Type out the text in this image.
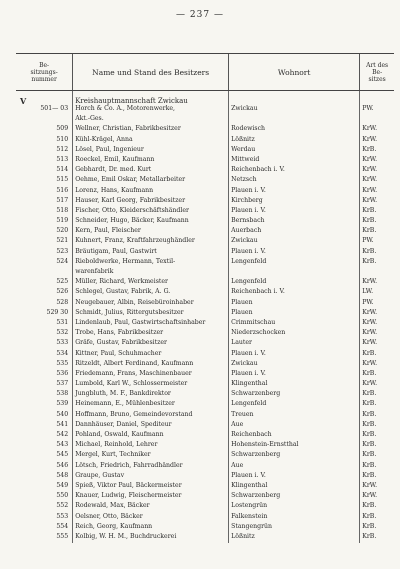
— 237 —
Be-
sitzungs-
nummer	Name und Stand des Besitzers	Wohnort	Art des
Be-
sitzes
V	Kreishauptmannschaft Zwickau		
501— 03	Horch & Co. A., Motorenwerke,	Zwickau	PW.
	Akt.-Ges.		
509	Wellner, Christian, Fabrikbesitzer	Rodewisch	KrW.
510	Kühl-Krägel, Anna	Lößnitz	KrW.
512	Lösel, Paul, Ingenieur	Werdau	KrB.
513	Roeckel, Emil, Kaufmann	Mittweid	KrW.
514	Gebhardt, Dr. med. Kurt	Reichenbach i. V.	KrW.
515	Oehme, Emil Oskar, Metallarbeiter	Netzsch	KrW.
516	Lorenz, Hans, Kaufmann	Plauen i. V.	KrW.
517	Hauser, Karl Georg, Fabrikbesitzer	Kirchberg	KrW.
518	Fischer, Otto, Kleiderschäftshändler	Plauen i. V.	KrB.
519	Schneider, Hugo, Bäcker, Kaufmann	Bernsbach	KrB.
520	Kern, Paul, Fleischer	Auerbach	KrB.
521	Kuhnert, Franz, Kraftfahrzeughändler	Zwickau	PW.
523	Bräutigam, Paul, Gastwirt	Plauen i. V.	KrB.
524	Rieboldwerke, Hermann, Textil-	Lengenfeld	KrB.
	warenfabrik		
525	Müller, Richard, Werkmeister	Lengenfeld	KrW.
526	Schlegel, Gustav, Fabrik, A. G.	Reichenbach i. V.	LW.
528	Neugebauer, Albin, Reisebüroinhaber	Plauen	PW.
529 30	Schmidt, Julius, Rittergutsbesitzer	Plauen	KrW.
531	Lindenlaub, Paul, Gastwirtschaftsinhaber	Crimmitschau	KrW.
532	Trobe, Hans, Fabrikbesitzer	Niederzschocken	KrW.
533	Gräfe, Gustav, Fabrikbesitzer	Lauter	KrW.
534	Kittner, Paul, Schuhmacher	Plauen i. V.	KrB.
535	Ritzeldt, Albert Ferdinand, Kaufmann	Zwickau	KrW.
536	Friedemann, Frans, Maschinenbauer	Plauen i. V.	KrB.
537	Lumbold, Karl W., Schlossermeister	Klingenthal	KrW.
538	Jungbluth, M. F., Bankdirektor	Schwarzenberg	KrB.
539	Heinemann, E., Mühlenbesitzer	Lengenfeld	KrB.
540	Hoffmann, Bruno, Gemeindevorstand	Treuen	KrB.
541	Dannhäuser, Daniel, Spediteur	Aue	KrB.
542	Pohland, Oswald, Kaufmann	Reichenbach	KrB.
543	Michael, Reinhold, Lehrer	Hohenstein-Ernstthal	KrB.
545	Mergel, Kurt, Techniker	Schwarzenberg	KrB.
546	Lötsch, Friedrich, Fahrradhändler	Aue	KrB.
548	Graupe, Gustav	Plauen i. V.	KrB.
549	Spieß, Viktor Paul, Bäckermeister	Klingenthal	KrW.
550	Knauer, Ludwig, Fleischermeister	Schwarzenberg	KrW.
552	Rodewald, Max, Bäcker	Lostengrün	KrB.
553	Oelsner, Otto, Bäcker	Falkenstein	KrB.
554	Reich, Georg, Kaufmann	Stangengrün	KrB.
555	Kolbig, W. H. M., Buchdruckerei	Lößnitz	KrB.
